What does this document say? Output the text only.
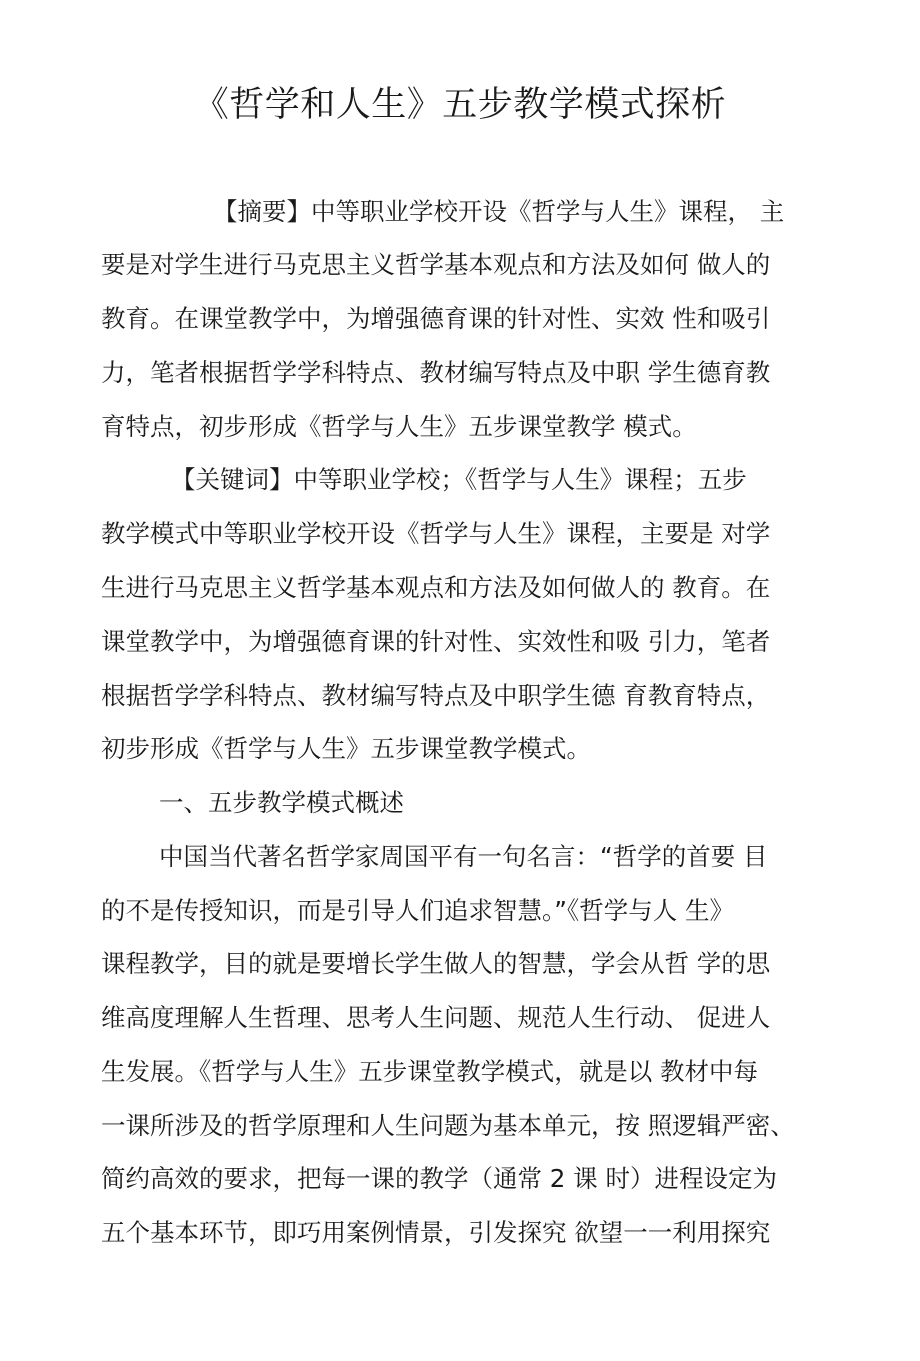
《哲学和人生》五步教学模式探析

【摘要】中等职业学校开设《哲学与人生》课程， 主

要是对学生进行马克思主义哲学基本观点和方法及如何 做人的

教育。在课堂教学中，为增强德育课的针对性、实效 性和吸引

力，笔者根据哲学学科特点、教材编写特点及中职 学生德育教

育特点，初步形成《哲学与人生》五步课堂教学 模式。

【关键词】中等职业学校；《哲学与人生》课程；五步

教学模式中等职业学校开设《哲学与人生》课程，主要是 对学

生进行马克思主义哲学基本观点和方法及如何做人的 教育。在

课堂教学中，为增强德育课的针对性、实效性和吸 引力，笔者

根据哲学学科特点、教材编写特点及中职学生德 育教育特点，

初步形成《哲学与人生》五步课堂教学模式。

一、五步教学模式概述

中国当代著名哲学家周国平有一句名言：“哲学的首要 目

的不是传授知识，而是引导人们追求智慧。”《哲学与人 生》

课程教学，目的就是要增长学生做人的智慧，学会从哲 学的思

维高度理解人生哲理、思考人生问题、规范人生行动、 促进人

生发展。《哲学与人生》五步课堂教学模式，就是以 教材中每

一课所涉及的哲学原理和人生问题为基本单元，按 照逻辑严密、

简约高效的要求，把每一课的教学（通常 2 课 时）进程设定为

五个基本环节，即巧用案例情景，引发探究 欲望一一利用探究
